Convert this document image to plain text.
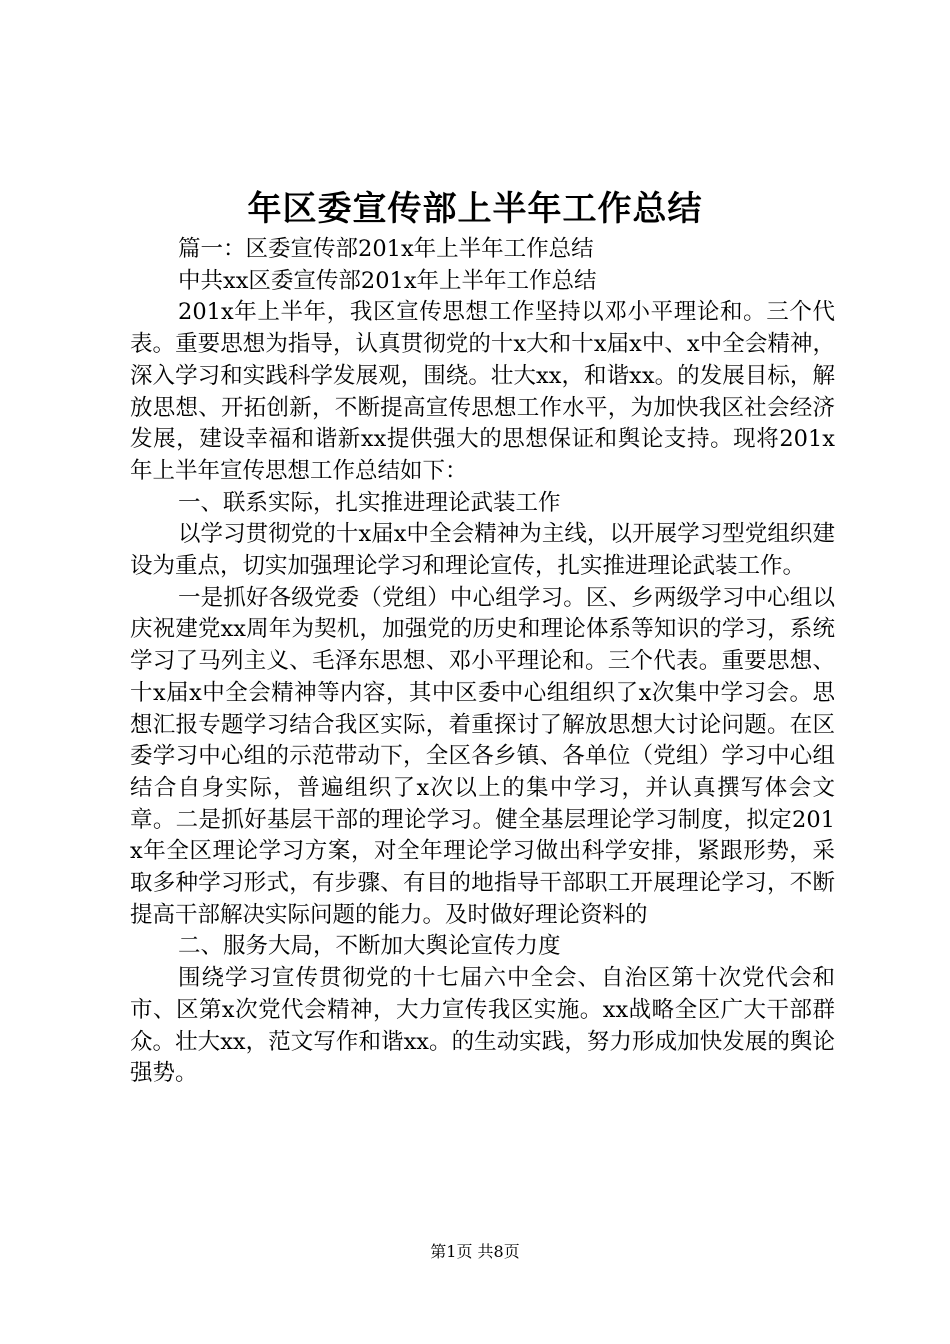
年区委宣传部上半年工作总结

篇一：区委宣传部201x年上半年工作总结

中共xx区委宣传部201x年上半年工作总结

201x年上半年，我区宣传思想工作坚持以邓小平理论和。三个代表。重要思想为指导，认真贯彻党的十x大和十x届x中、x中全会精神，深入学习和实践科学发展观，围绕。壮大xx，和谐xx。的发展目标，解放思想、开拓创新，不断提高宣传思想工作水平，为加快我区社会经济发展，建设幸福和谐新xx提供强大的思想保证和舆论支持。现将201x年上半年宣传思想工作总结如下：

一、联系实际，扎实推进理论武装工作

以学习贯彻党的十x届x中全会精神为主线，以开展学习型党组织建设为重点，切实加强理论学习和理论宣传，扎实推进理论武装工作。

一是抓好各级党委（党组）中心组学习。区、乡两级学习中心组以庆祝建党xx周年为契机，加强党的历史和理论体系等知识的学习，系统学习了马列主义、毛泽东思想、邓小平理论和。三个代表。重要思想、十x届x中全会精神等内容，其中区委中心组组织了x次集中学习会。思想汇报专题学习结合我区实际，着重探讨了解放思想大讨论问题。在区委学习中心组的示范带动下，全区各乡镇、各单位（党组）学习中心组结合自身实际，普遍组织了x次以上的集中学习，并认真撰写体会文章。二是抓好基层干部的理论学习。健全基层理论学习制度，拟定201x年全区理论学习方案，对全年理论学习做出科学安排，紧跟形势，采取多种学习形式，有步骤、有目的地指导干部职工开展理论学习，不断提高干部解决实际问题的能力。及时做好理论资料的

二、服务大局，不断加大舆论宣传力度

围绕学习宣传贯彻党的十七届六中全会、自治区第十次党代会和市、区第x次党代会精神，大力宣传我区实施。xx战略全区广大干部群众。壮大xx，范文写作和谐xx。的生动实践，努力形成加快发展的舆论强势。

第1页 共8页
